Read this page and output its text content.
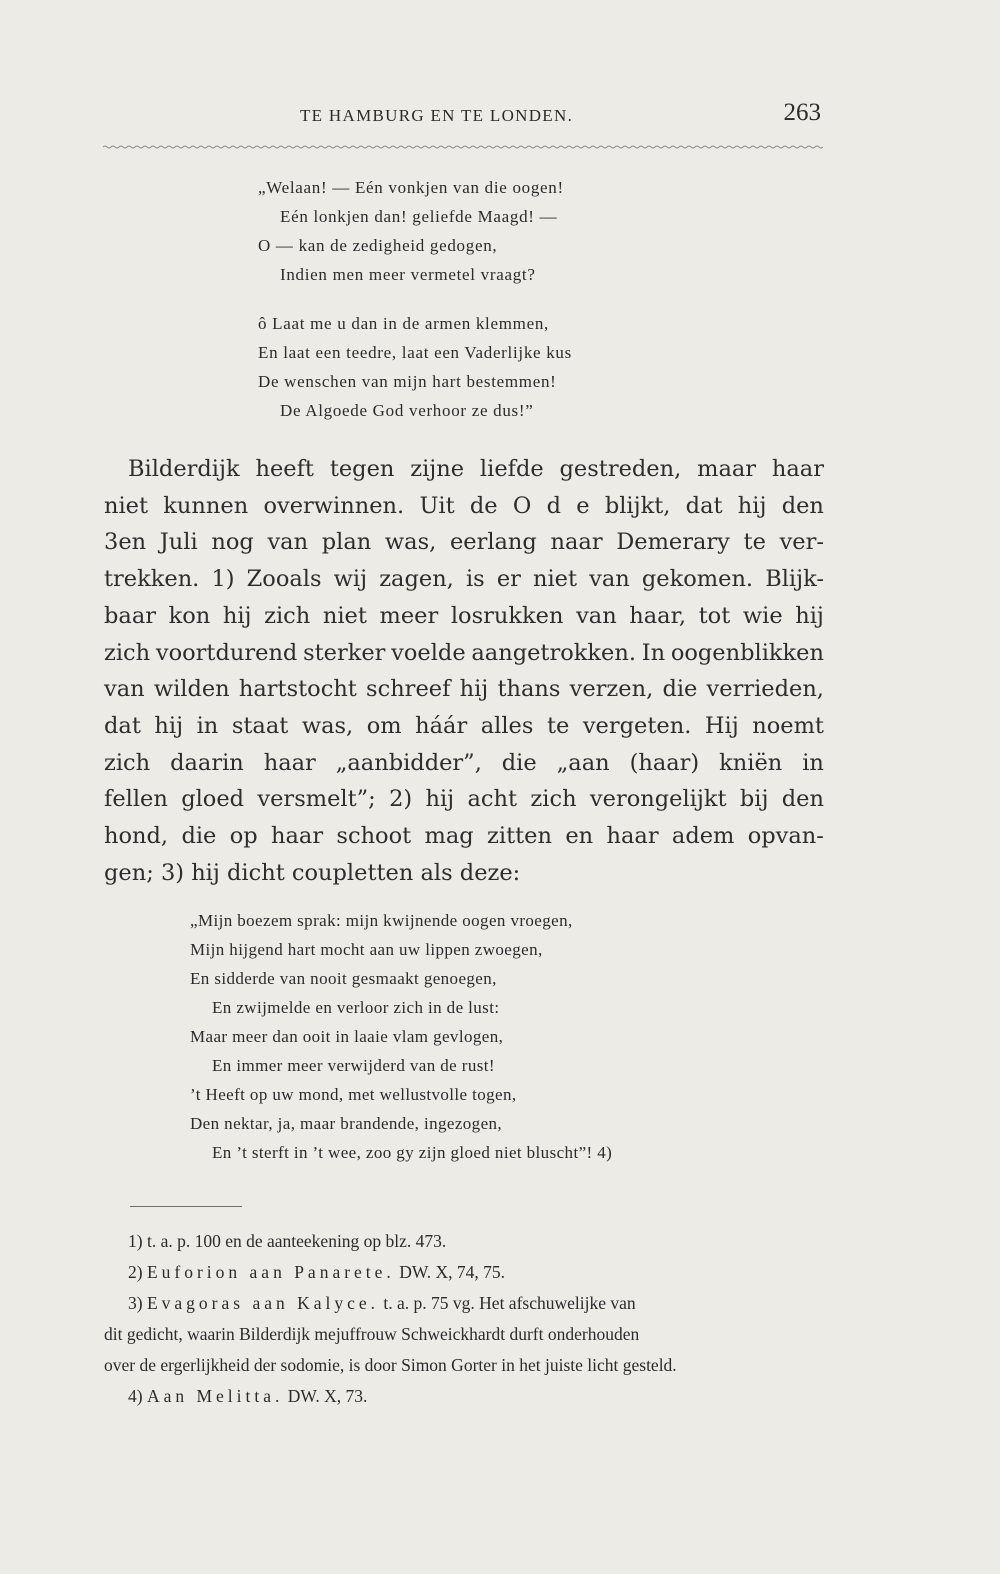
TE HAMBURG EN TE LONDEN.	263
„Welaan! — Eén vonkjen van die oogen!
Eén lonkjen dan! geliefde Maagd! —
O — kan de zedigheid gedogen,
Indien men meer vermetel vraagt?
ô Laat me u dan in de armen klemmen,
En laat een teedre, laat een Vaderlijke kus
De wenschen van mijn hart bestemmen!
De Algoede God verhoor ze dus!”
Bilderdijk heeft tegen zijne liefde gestreden, maar haar
niet kunnen overwinnen. Uit de O d e blijkt, dat hij den
3en Juli nog van plan was, eerlang naar Demerary te ver-
trekken. 1) Zooals wij zagen, is er niet van gekomen. Blijk-
baar kon hij zich niet meer losrukken van haar, tot wie hij
zich voortdurend sterker voelde aangetrokken. In oogenblikken
van wilden hartstocht schreef hij thans verzen, die verrieden,
dat hij in staat was, om háár alles te vergeten. Hij noemt
zich daarin haar „aanbidder”, die „aan (haar) kniën in
fellen gloed versmelt”; 2) hij acht zich verongelijkt bij den
hond, die op haar schoot mag zitten en haar adem opvan-
gen; 3) hij dicht coupletten als deze:
„Mijn boezem sprak: mijn kwijnende oogen vroegen,
Mijn hijgend hart mocht aan uw lippen zwoegen,
En sidderde van nooit gesmaakt genoegen,
En zwijmelde en verloor zich in de lust:
Maar meer dan ooit in laaie vlam gevlogen,
En immer meer verwijderd van de rust!
’t Heeft op uw mond, met wellustvolle togen,
Den nektar, ja, maar brandende, ingezogen,
En ’t sterft in ’t wee, zoo gy zijn gloed niet bluscht”! 4)
1) t. a. p. 100 en de aanteekening op blz. 473.
2) Euforion aan Panarete. DW. X, 74, 75.
3) Evagoras aan Kalyce. t. a. p. 75 vg. Het afschuwelijke van
dit gedicht, waarin Bilderdijk mejuffrouw Schweickhardt durft onderhouden
over de ergerlijkheid der sodomie, is door Simon Gorter in het juiste licht gesteld.
4) Aan Melitta. DW. X, 73.
